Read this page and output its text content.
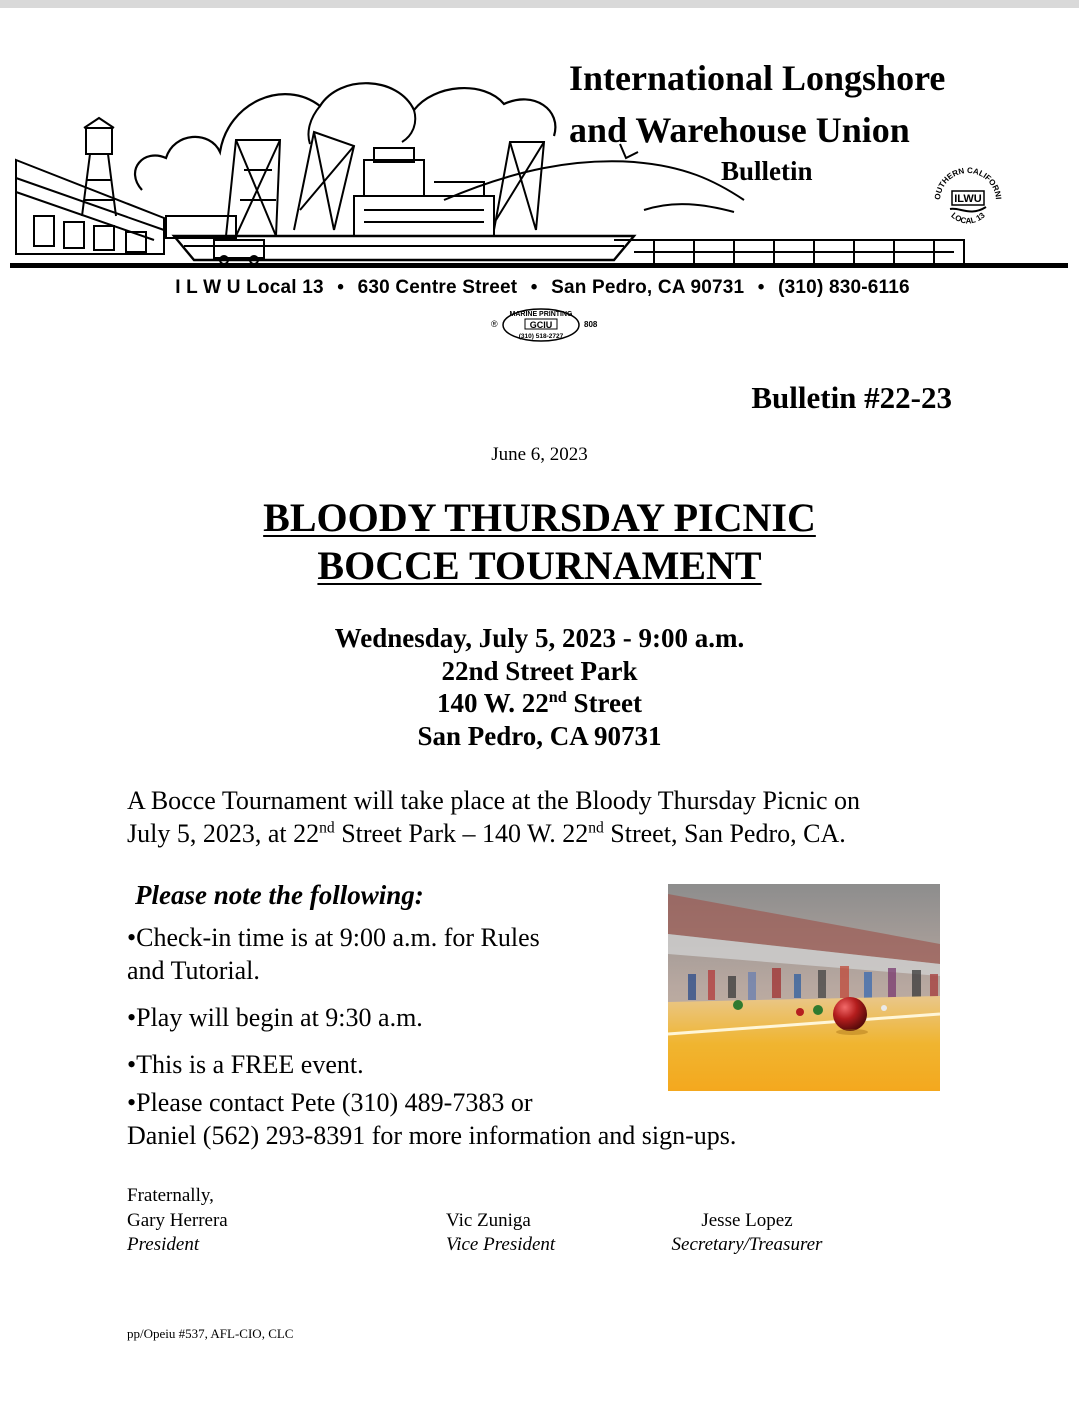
International Longshore
and Warehouse Union
Bulletin
OUTHERN CALIFORNI
ILWU
LOCAL 13
I L W U Local 13 • 630 Centre Street • San Pedro, CA 90731 • (310) 830-6116
®
MARINE PRINTING
GCIU
(310) 518-2727
808
Bulletin #22-23
June 6, 2023
BLOODY THURSDAY PICNIC
BOCCE TOURNAMENT
Wednesday, July 5, 2023 - 9:00 a.m.
22nd Street Park
140 W. 22nd Street
San Pedro, CA 90731
A Bocce Tournament will take place at the Bloody Thursday Picnic on
July 5, 2023, at 22nd Street Park – 140 W. 22nd Street, San Pedro, CA.
Please note the following:
•Check-in time is at 9:00 a.m. for Rules
and Tutorial.
•Play will begin at 9:30 a.m.
•This is a FREE event.
•Please contact Pete (310) 489-7383 or
Daniel (562) 293-8391 for more information and sign-ups.
Fraternally,
Gary Herrera
President
Vic Zuniga
Vice President
Jesse Lopez
Secretary/Treasurer
pp/Opeiu #537, AFL-CIO, CLC
